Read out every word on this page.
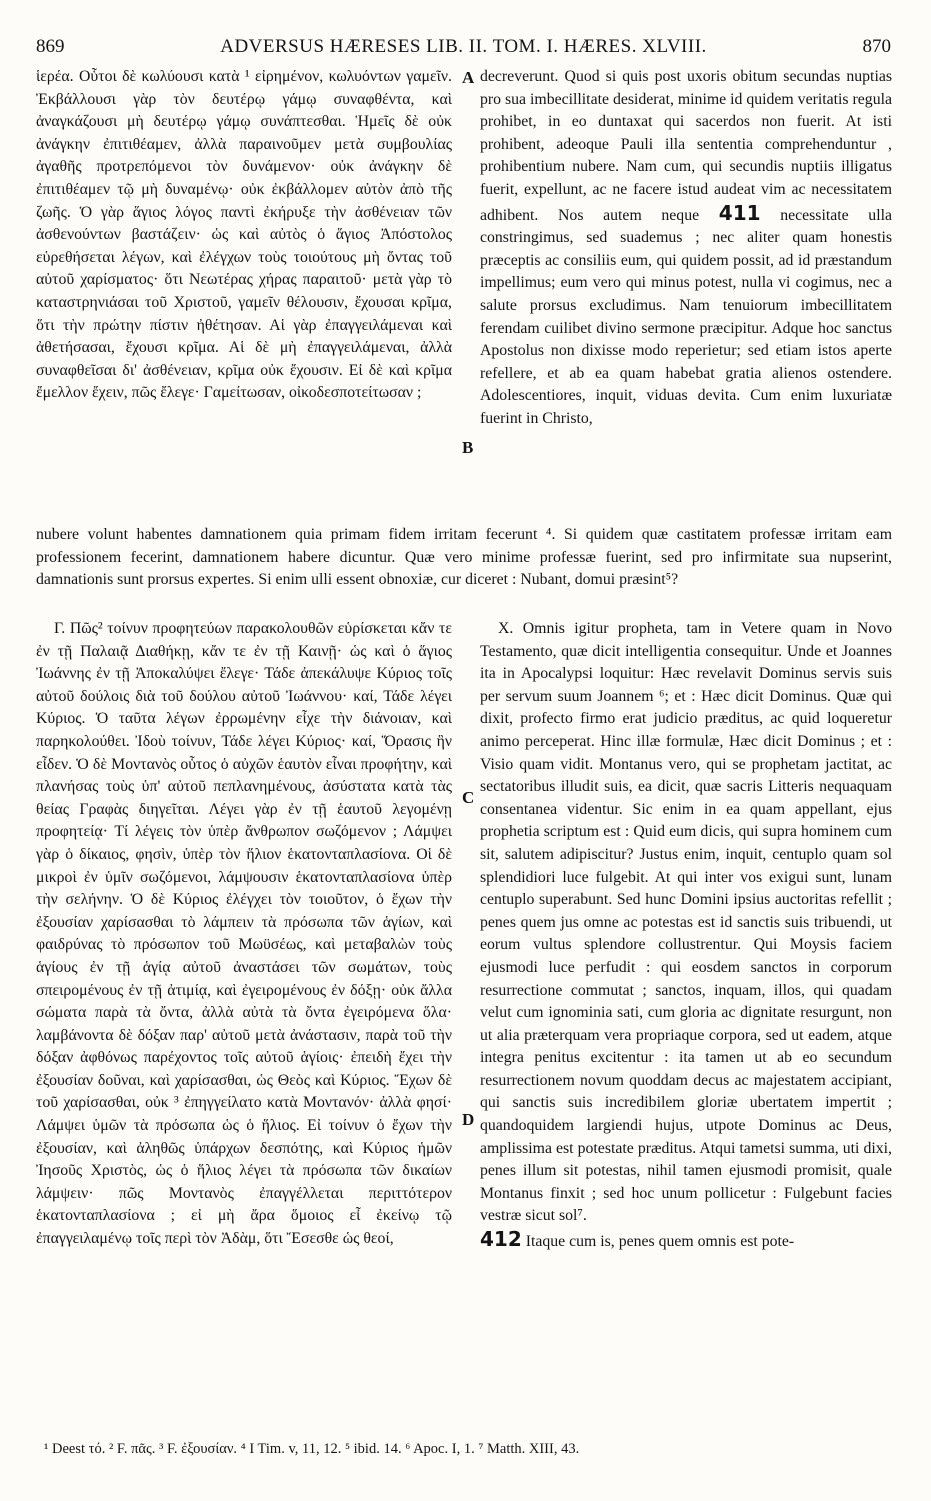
869	ADVERSUS HÆRESES LIB. II. TOM. I. HÆRES. XLVIII.	870

ἱερέα. Οὗτοι δὲ κωλύουσι κατὰ ¹ εἰρημένον, κωλυόντων γαμεῖν. Ἐκβάλλουσι γὰρ τὸν δευτέρῳ γάμῳ συναφθέντα, καὶ ἀναγκάζουσι μὴ δευτέρῳ γάμῳ συνάπτεσθαι. Ἡμεῖς δὲ οὐκ ἀνάγκην ἐπιτιθέαμεν, ἀλλὰ παραινοῦμεν μετὰ συμβουλίας ἀγαθῆς προτρεπόμενοι τὸν δυνάμενον· οὐκ ἀνάγκην δὲ ἐπιτιθέαμεν τῷ μὴ δυναμένῳ· οὐκ ἐκβάλλομεν αὐτὸν ἀπὸ τῆς ζωῆς. Ὁ γὰρ ἅγιος λόγος παντὶ ἐκήρυξε τὴν ἀσθένειαν τῶν ἀσθενούντων βαστάζειν· ὡς καὶ αὐτὸς ὁ ἅγιος Ἀπόστολος εὑρεθήσεται λέγων, καὶ ἐλέγχων τοὺς τοιούτους μὴ ὄντας τοῦ αὐτοῦ χαρίσματος· ὅτι Νεωτέρας χήρας παραιτοῦ· μετὰ γὰρ τὸ καταστρηνιάσαι τοῦ Χριστοῦ, γαμεῖν θέλουσιν, ἔχουσαι κρῖμα, ὅτι τὴν πρώτην πίστιν ἠθέτησαν. Αἱ γὰρ ἐπαγγειλάμεναι καὶ ἀθετήσασαι, ἔχουσι κρῖμα. Αἱ δὲ μὴ ἐπαγγειλάμεναι, ἀλλὰ συναφθεῖσαι δι' ἀσθένειαν, κρῖμα οὐκ ἔχουσιν. Εἰ δὲ καὶ κρῖμα ἔμελλον ἔχειν, πῶς ἔλεγε· Γαμείτωσαν, οἰκοδεσποτείτωσαν ;

decreverunt. Quod si quis post uxoris obitum secundas nuptias pro sua imbecillitate desiderat, minime id quidem veritatis regula prohibet, in eo duntaxat qui sacerdos non fuerit. At isti prohibent, adeoque Pauli illa sententia comprehenduntur , prohibentium nubere. Nam cum, qui secundis nuptiis illigatus fuerit, expellunt, ac ne facere istud audeat vim ac necessitatem adhibent. Nos autem neque 411 necessitate ulla constringimus, sed suademus ; nec aliter quam honestis præceptis ac consiliis eum, qui quidem possit, ad id præstandum impellimus; eum vero qui minus potest, nulla vi cogimus, nec a salute prorsus excludimus. Nam tenuiorum imbecillitatem ferendam cuilibet divino sermone præcipitur. Adque hoc sanctus Apostolus non dixisse modo reperietur; sed etiam istos aperte refellere, et ab ea quam habebat gratia alienos ostendere. Adolescentiores, inquit, viduas devita. Cum enim luxuriatæ fuerint in Christo,

A
B

nubere volunt habentes damnationem quia primam fidem irritam fecerunt ⁴. Si quidem quæ castitatem professæ irritam eam professionem fecerint, damnationem habere dicuntur. Quæ vero minime professæ fuerint, sed pro infirmitate sua nupserint, damnationis sunt prorsus expertes. Si enim ulli essent obnoxiæ, cur diceret : Nubant, domui præsint⁵?

Γ. Πῶς² τοίνυν προφητεύων παρακολουθῶν εὑρίσκεται κἄν τε ἐν τῇ Παλαιᾷ Διαθήκῃ, κἄν τε ἐν τῇ Καινῇ· ὡς καὶ ὁ ἅγιος Ἰωάννης ἐν τῇ Ἀποκαλύψει ἔλεγε· Τάδε ἀπεκάλυψε Κύριος τοῖς αὐτοῦ δούλοις διὰ τοῦ δούλου αὐτοῦ Ἰωάννου· καί, Τάδε λέγει Κύριος. Ὁ ταῦτα λέγων ἐρρωμένην εἶχε τὴν διάνοιαν, καὶ παρηκολούθει. Ἰδοὺ τοίνυν, Τάδε λέγει Κύριος· καί, Ὅρασις ἣν εἶδεν. Ὁ δὲ Μοντανὸς οὗτος ὁ αὐχῶν ἑαυτὸν εἶναι προφήτην, καὶ πλανήσας τοὺς ὑπ' αὐτοῦ πεπλανημένους, ἀσύστατα κατὰ τὰς θείας Γραφὰς διηγεῖται. Λέγει γὰρ ἐν τῇ ἑαυτοῦ λεγομένῃ προφητείᾳ· Τί λέγεις τὸν ὑπὲρ ἄνθρωπον σωζόμενον ; Λάμψει γὰρ ὁ δίκαιος, φησὶν, ὑπὲρ τὸν ἥλιον ἑκατονταπλασίονα. Οἱ δὲ μικροὶ ἐν ὑμῖν σωζόμενοι, λάμψουσιν ἑκατονταπλασίονα ὑπὲρ τὴν σελήνην. Ὁ δὲ Κύριος ἐλέγχει τὸν τοιοῦτον, ὁ ἔχων τὴν ἐξουσίαν χαρίσασθαι τὸ λάμπειν τὰ πρόσωπα τῶν ἁγίων, καὶ φαιδρύνας τὸ πρόσωπον τοῦ Μωϋσέως, καὶ μεταβαλὼν τοὺς ἁγίους ἐν τῇ ἁγίᾳ αὐτοῦ ἀναστάσει τῶν σωμάτων, τοὺς σπειρομένους ἐν τῇ ἀτιμίᾳ, καὶ ἐγειρομένους ἐν δόξῃ· οὐκ ἄλλα σώματα παρὰ τὰ ὄντα, ἀλλὰ αὐτὰ τὰ ὄντα ἐγειρόμενα ὅλα· λαμβάνοντα δὲ δόξαν παρ' αὐτοῦ μετὰ ἀνάστασιν, παρὰ τοῦ τὴν δόξαν ἀφθόνως παρέχοντος τοῖς αὐτοῦ ἁγίοις· ἐπειδὴ ἔχει τὴν ἐξουσίαν δοῦναι, καὶ χαρίσασθαι, ὡς Θεὸς καὶ Κύριος. Ἔχων δὲ τοῦ χαρίσασθαι, οὐκ ³ ἐπηγγείλατο κατὰ Μοντανόν· ἀλλὰ φησί· Λάμψει ὑμῶν τὰ πρόσωπα ὡς ὁ ἥλιος. Εἰ τοίνυν ὁ ἔχων τὴν ἐξουσίαν, καὶ ἀληθῶς ὑπάρχων δεσπότης, καὶ Κύριος ἡμῶν Ἰησοῦς Χριστὸς, ὡς ὁ ἥλιος λέγει τὰ πρόσωπα τῶν δικαίων λάμψειν· πῶς Μοντανὸς ἐπαγγέλλεται περιττότερον ἑκατονταπλασίονα ; εἰ μὴ ἄρα ὅμοιος εἶ ἐκείνῳ τῷ ἐπαγγειλαμένῳ τοῖς περὶ τὸν Ἀδὰμ, ὅτι Ἔσεσθε ὡς θεοί,

X. Omnis igitur propheta, tam in Vetere quam in Novo Testamento, quæ dicit intelligentia consequitur. Unde et Joannes ita in Apocalypsi loquitur: Hæc revelavit Dominus servis suis per servum suum Joannem ⁶; et : Hæc dicit Dominus. Quæ qui dixit, profecto firmo erat judicio præditus, ac quid loqueretur animo perceperat. Hinc illæ formulæ, Hæc dicit Dominus ; et : Visio quam vidit. Montanus vero, qui se prophetam jactitat, ac sectatoribus illudit suis, ea dicit, quæ sacris Litteris nequaquam consentanea videntur. Sic enim in ea quam appellant, ejus prophetia scriptum est : Quid eum dicis, qui supra hominem cum sit, salutem adipiscitur? Justus enim, inquit, centuplo quam sol splendidiori luce fulgebit. At qui inter vos exigui sunt, lunam centuplo superabunt. Sed hunc Domini ipsius auctoritas refellit ; penes quem jus omne ac potestas est id sanctis suis tribuendi, ut eorum vultus splendore collustrentur. Qui Moysis faciem ejusmodi luce perfudit : qui eosdem sanctos in corporum resurrectione commutat ; sanctos, inquam, illos, qui quadam velut cum ignominia sati, cum gloria ac dignitate resurgunt, non ut alia præterquam vera propriaque corpora, sed ut eadem, atque integra penitus excitentur : ita tamen ut ab eo secundum resurrectionem novum quoddam decus ac majestatem accipiant, qui sanctis suis incredibilem gloriæ ubertatem impertit ; quandoquidem largiendi hujus, utpote Dominus ac Deus, amplissima est potestate præditus. Atqui tametsi summa, uti dixi, penes illum sit potestas, nihil tamen ejusmodi promisit, quale Montanus finxit ; sed hoc unum pollicetur : Fulgebunt facies vestræ sicut sol⁷.

412 Itaque cum is, penes quem omnis est pote-

C
D
¹ Deest τό. ² F. πᾶς. ³ F. ἐξουσίαν. ⁴ I Tim. v, 11, 12. ⁵ ibid. 14. ⁶ Apoc. I, 1. ⁷ Matth. XIII, 43.
